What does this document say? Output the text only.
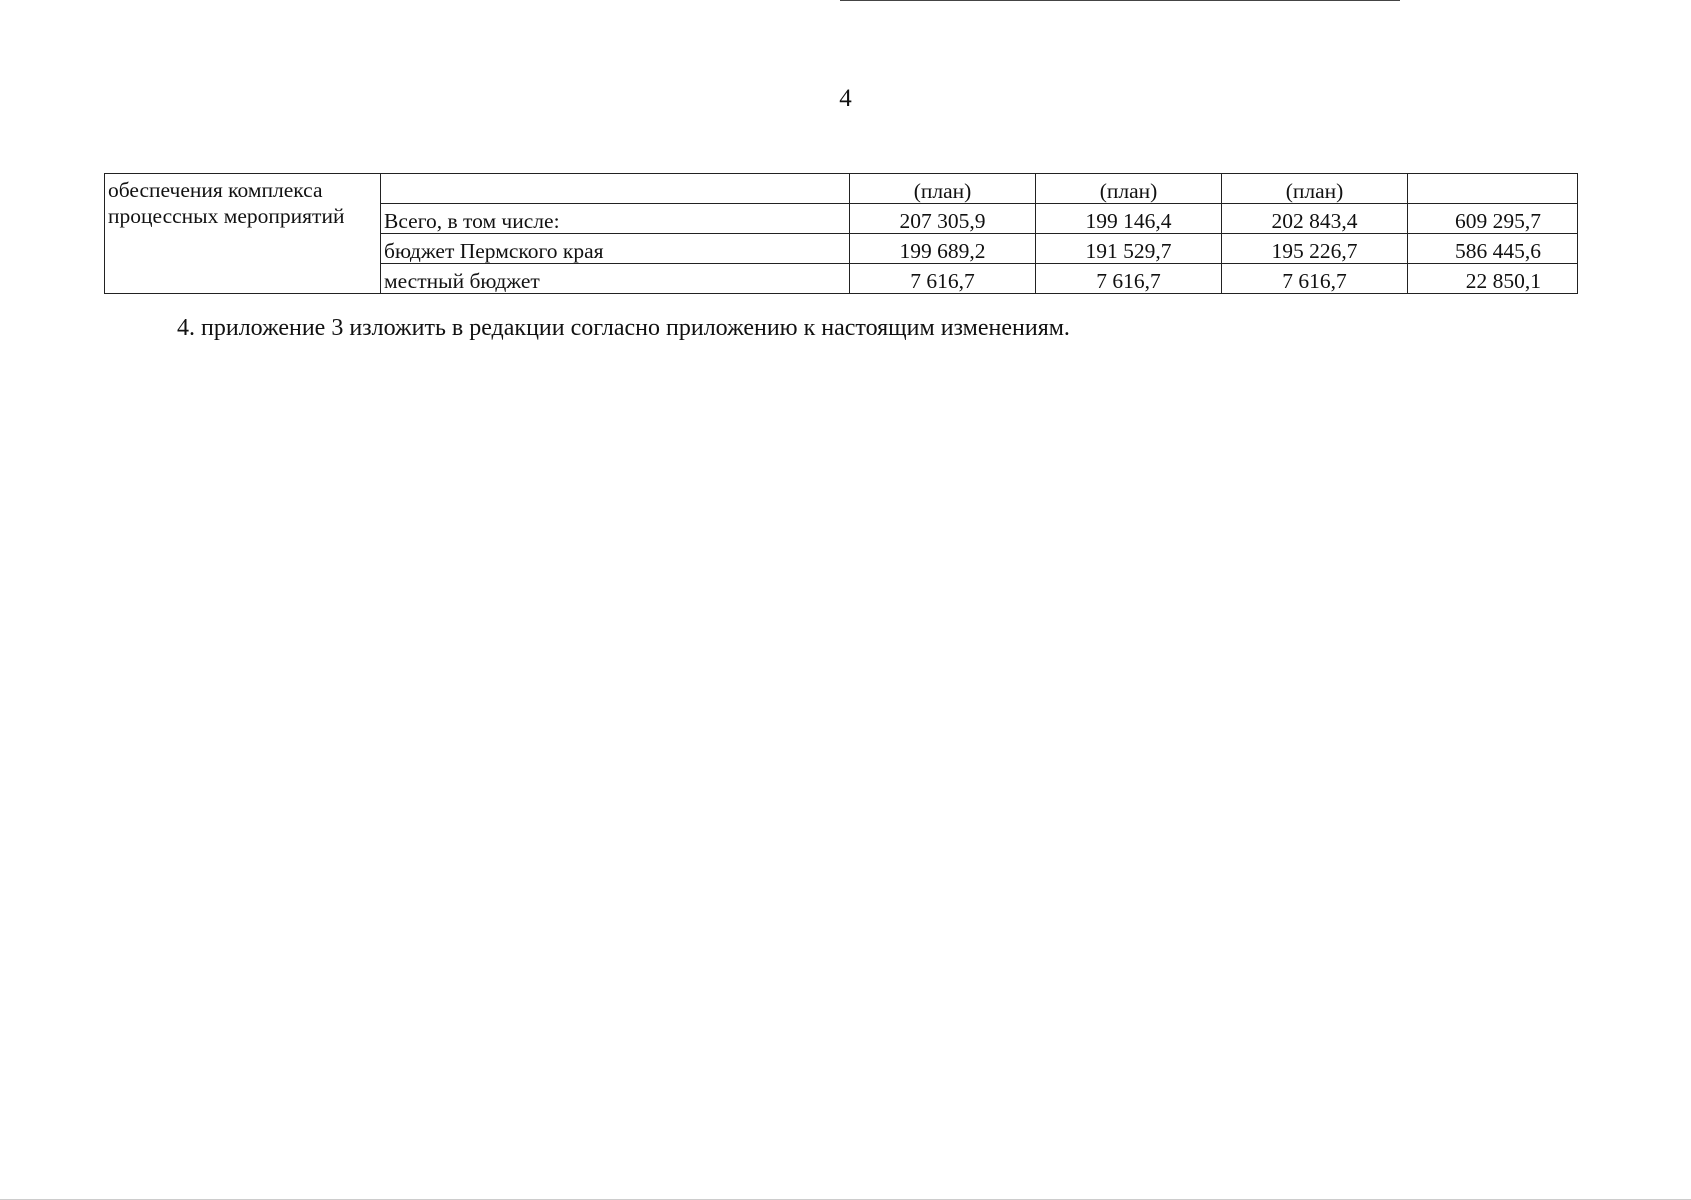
4
обеспечения комплекса
процессных мероприятий		(план)	(план)	(план)	
	Всего, в том числе:	207 305,9	199 146,4	202 843,4	609 295,7
	бюджет Пермского края	199 689,2	191 529,7	195 226,7	586 445,6
	местный бюджет	7 616,7	7 616,7	7 616,7	22 850,1
4. приложение 3 изложить в редакции согласно приложению к настоящим изменениям.
